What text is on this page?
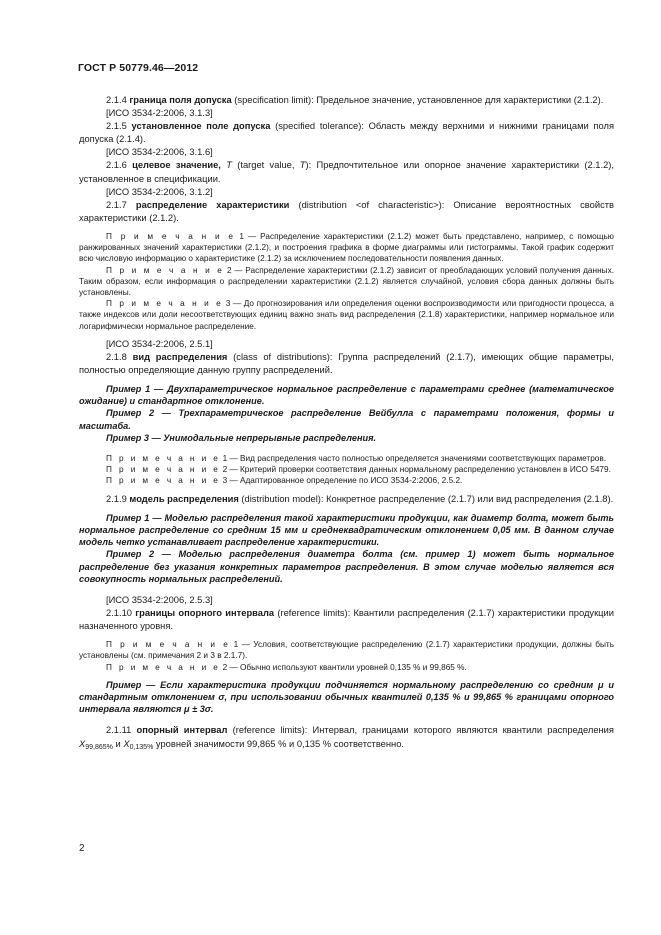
ГОСТ Р 50779.46—2012

2.1.4 граница поля допуска (specification limit): Предельное значение, установленное для характеристики (2.1.2).

[ИСО 3534-2:2006, 3.1.3]

2.1.5 установленное поле допуска (specified tolerance): Область между верхними и нижними границами поля допуска (2.1.4).

[ИСО 3534-2:2006, 3.1.6]

2.1.6 целевое значение, T (target value, T): Предпочтительное или опорное значение характеристики (2.1.2), установленное в спецификации.

[ИСО 3534-2:2006, 3.1.2]

2.1.7 распределение характеристики (distribution <of characteristic>): Описание вероятностных свойств характеристики (2.1.2).

П р и м е ч а н и е 1 — Распределение характеристики (2.1.2) может быть представлено, например, с помощью ранжированных значений характеристики (2.1.2), и построения графика в форме диаграммы или гистограммы. Такой график содержит всю числовую информацию о характеристике (2.1.2) за исключением последовательности появления данных.

П р и м е ч а н и е 2 — Распределение характеристики (2.1.2) зависит от преобладающих условий получения данных. Таким образом, если информация о распределении характеристики (2.1.2) является случайной, условия сбора данных должны быть установлены.

П р и м е ч а н и е 3 — До прогнозирования или определения оценки воспроизводимости или пригодности процесса, а также индексов или доли несоответствующих единиц важно знать вид распределения (2.1.8) характеристики, например нормальное или логарифмически нормальное распределение.

[ИСО 3534-2:2006, 2.5.1]

2.1.8 вид распределения (class of distributions): Группа распределений (2.1.7), имеющих общие параметры, полностью определяющие данную группу распределений.

Пример 1 — Двухпараметрическое нормальное распределение с параметрами среднее (математическое ожидание) и стандартное отклонение.

Пример 2 — Трехпараметрическое распределение Вейбулла с параметрами положения, формы и масштаба.

Пример 3 — Унимодальные непрерывные распределения.

П р и м е ч а н и е 1 — Вид распределения часто полностью определяется значениями соответствующих параметров.

П р и м е ч а н и е 2 — Критерий проверки соответствия данных нормальному распределению установлен в ИСО 5479.

П р и м е ч а н и е 3 — Адаптированное определение по ИСО 3534-2:2006, 2.5.2.

2.1.9 модель распределения (distribution model): Конкретное распределение (2.1.7) или вид распределения (2.1.8).

Пример 1 — Моделью распределения такой характеристики продукции, как диаметр болта, может быть нормальное распределение со средним 15 мм и среднеквадратическим отклонением 0,05 мм. В данном случае модель четко устанавливает распределение характеристики.

Пример 2 — Моделью распределения диаметра болта (см. пример 1) может быть нормальное распределение без указания конкретных параметров распределения. В этом случае моделью является вся совокупность нормальных распределений.

[ИСО 3534-2:2006, 2.5.3]

2.1.10 границы опорного интервала (reference limits): Квантили распределения (2.1.7) характеристики продукции назначенного уровня.

П р и м е ч а н и е 1 — Условия, соответствующие распределению (2.1.7) характеристики продукции, должны быть установлены (см. примечания 2 и 3 в 2.1.7).

П р и м е ч а н и е 2 — Обычно используют квантили уровней 0,135 % и 99,865 %.

Пример — Если характеристика продукции подчиняется нормальному распределению со средним μ и стандартным отклонением σ, при использовании обычных квантилей 0,135 % и 99,865 % границами опорного интервала являются μ ± 3σ.

2.1.11 опорный интервал (reference limits): Интервал, границами которого являются квантили распределения $X_{99,865\%}$ и $X_{0,135\%}$ уровней значимости 99,865 % и 0,135 % соответственно.

2
